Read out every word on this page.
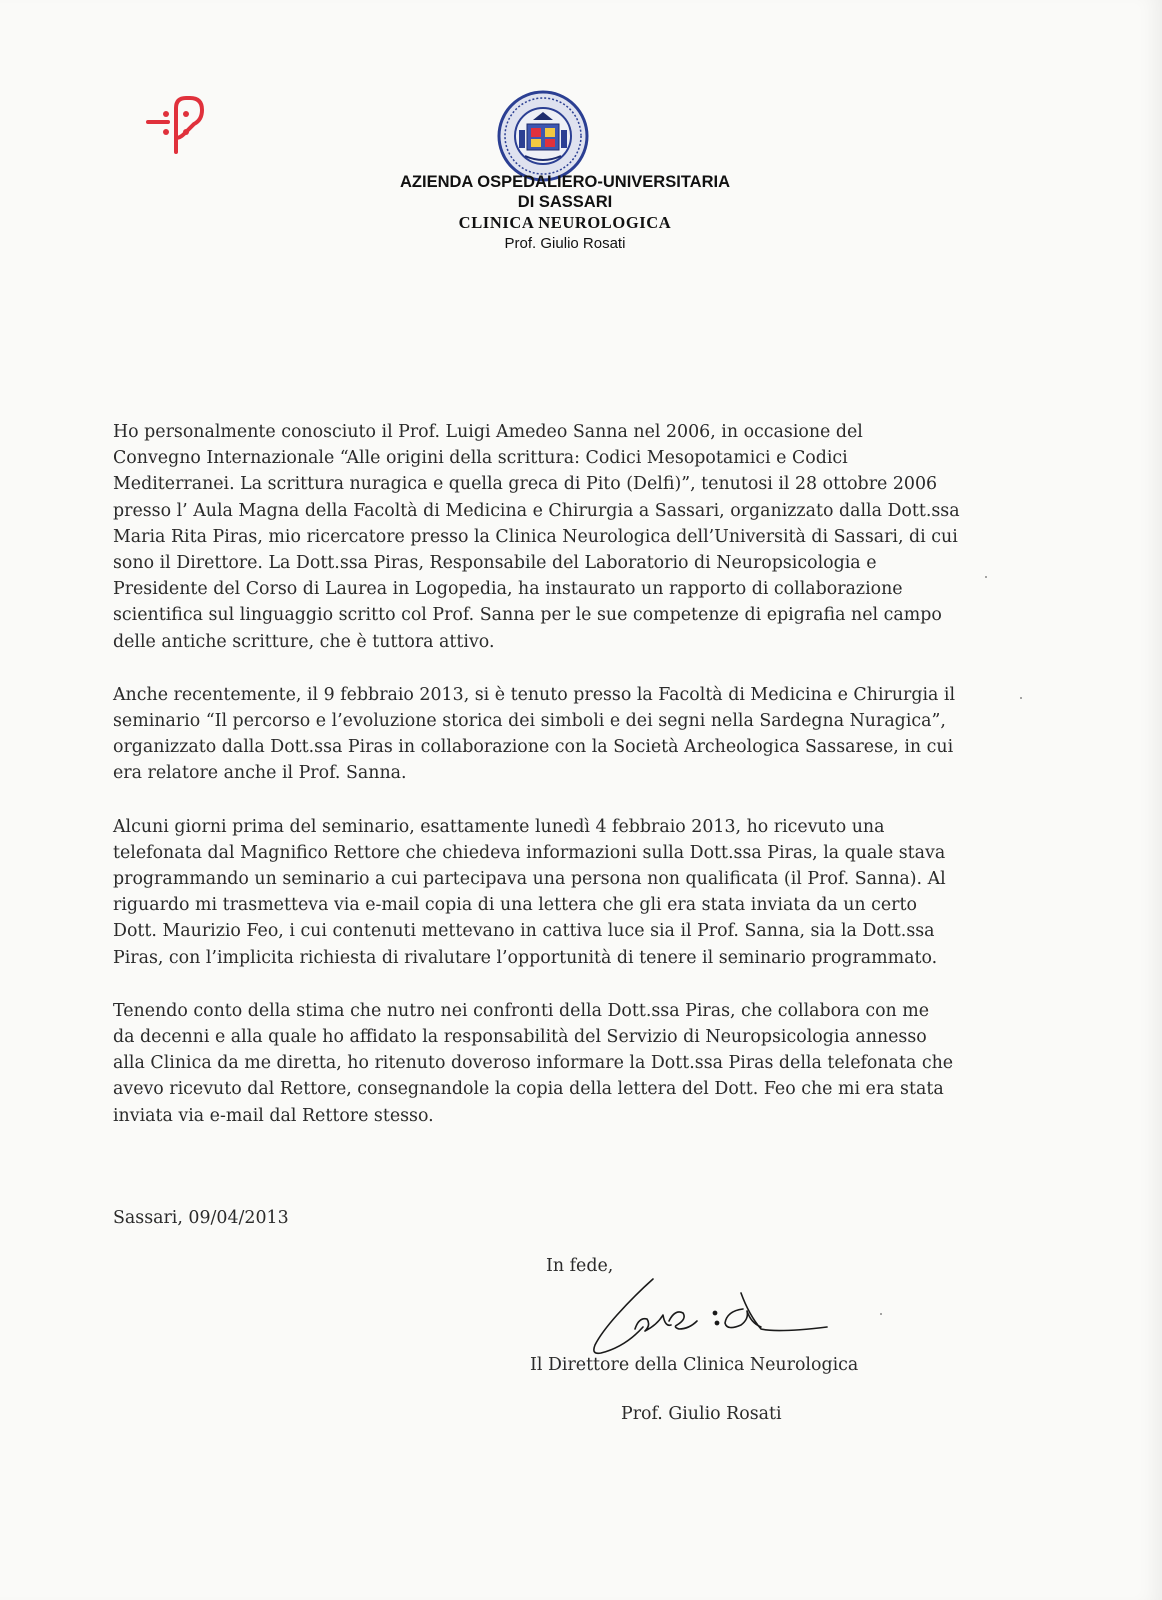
AZIENDA OSPEDALIERO-UNIVERSITARIA
DI SASSARI
CLINICA NEUROLOGICA
Prof. Giulio Rosati

Ho personalmente conosciuto il Prof. Luigi Amedeo Sanna nel 2006, in occasione del
Convegno Internazionale “Alle origini della scrittura: Codici Mesopotamici e Codici
Mediterranei. La scrittura nuragica e quella greca di Pito (Delfi)”, tenutosi il 28 ottobre 2006
presso l’ Aula Magna della Facoltà di Medicina e Chirurgia a Sassari, organizzato dalla Dott.ssa
Maria Rita Piras, mio ricercatore presso la Clinica Neurologica dell’Università di Sassari, di cui
sono il Direttore. La Dott.ssa Piras, Responsabile del Laboratorio di Neuropsicologia e
Presidente del Corso di Laurea in Logopedia, ha instaurato un rapporto di collaborazione
scientifica sul linguaggio scritto col Prof. Sanna per le sue competenze di epigrafia nel campo
delle antiche scritture, che è tuttora attivo.

Anche recentemente, il 9 febbraio 2013, si è tenuto presso la Facoltà di Medicina e Chirurgia il
seminario “Il percorso e l’evoluzione storica dei simboli e dei segni nella Sardegna Nuragica”,
organizzato dalla Dott.ssa Piras in collaborazione con la Società Archeologica Sassarese, in cui
era relatore anche il Prof. Sanna.

Alcuni giorni prima del seminario, esattamente lunedì 4 febbraio 2013, ho ricevuto una
telefonata dal Magnifico Rettore che chiedeva informazioni sulla Dott.ssa Piras, la quale stava
programmando un seminario a cui partecipava una persona non qualificata (il Prof. Sanna). Al
riguardo mi trasmetteva via e-mail copia di una lettera che gli era stata inviata da un certo
Dott. Maurizio Feo, i cui contenuti mettevano in cattiva luce sia il Prof. Sanna, sia la Dott.ssa
Piras, con l’implicita richiesta di rivalutare l’opportunità di tenere il seminario programmato.

Tenendo conto della stima che nutro nei confronti della Dott.ssa Piras, che collabora con me
da decenni e alla quale ho affidato la responsabilità del Servizio di Neuropsicologia annesso
alla Clinica da me diretta, ho ritenuto doveroso informare la Dott.ssa Piras della telefonata che
avevo ricevuto dal Rettore, consegnandole la copia della lettera del Dott. Feo che mi era stata
inviata via e-mail dal Rettore stesso.

Sassari, 09/04/2013
In fede,
Il Direttore della Clinica Neurologica
Prof. Giulio Rosati
